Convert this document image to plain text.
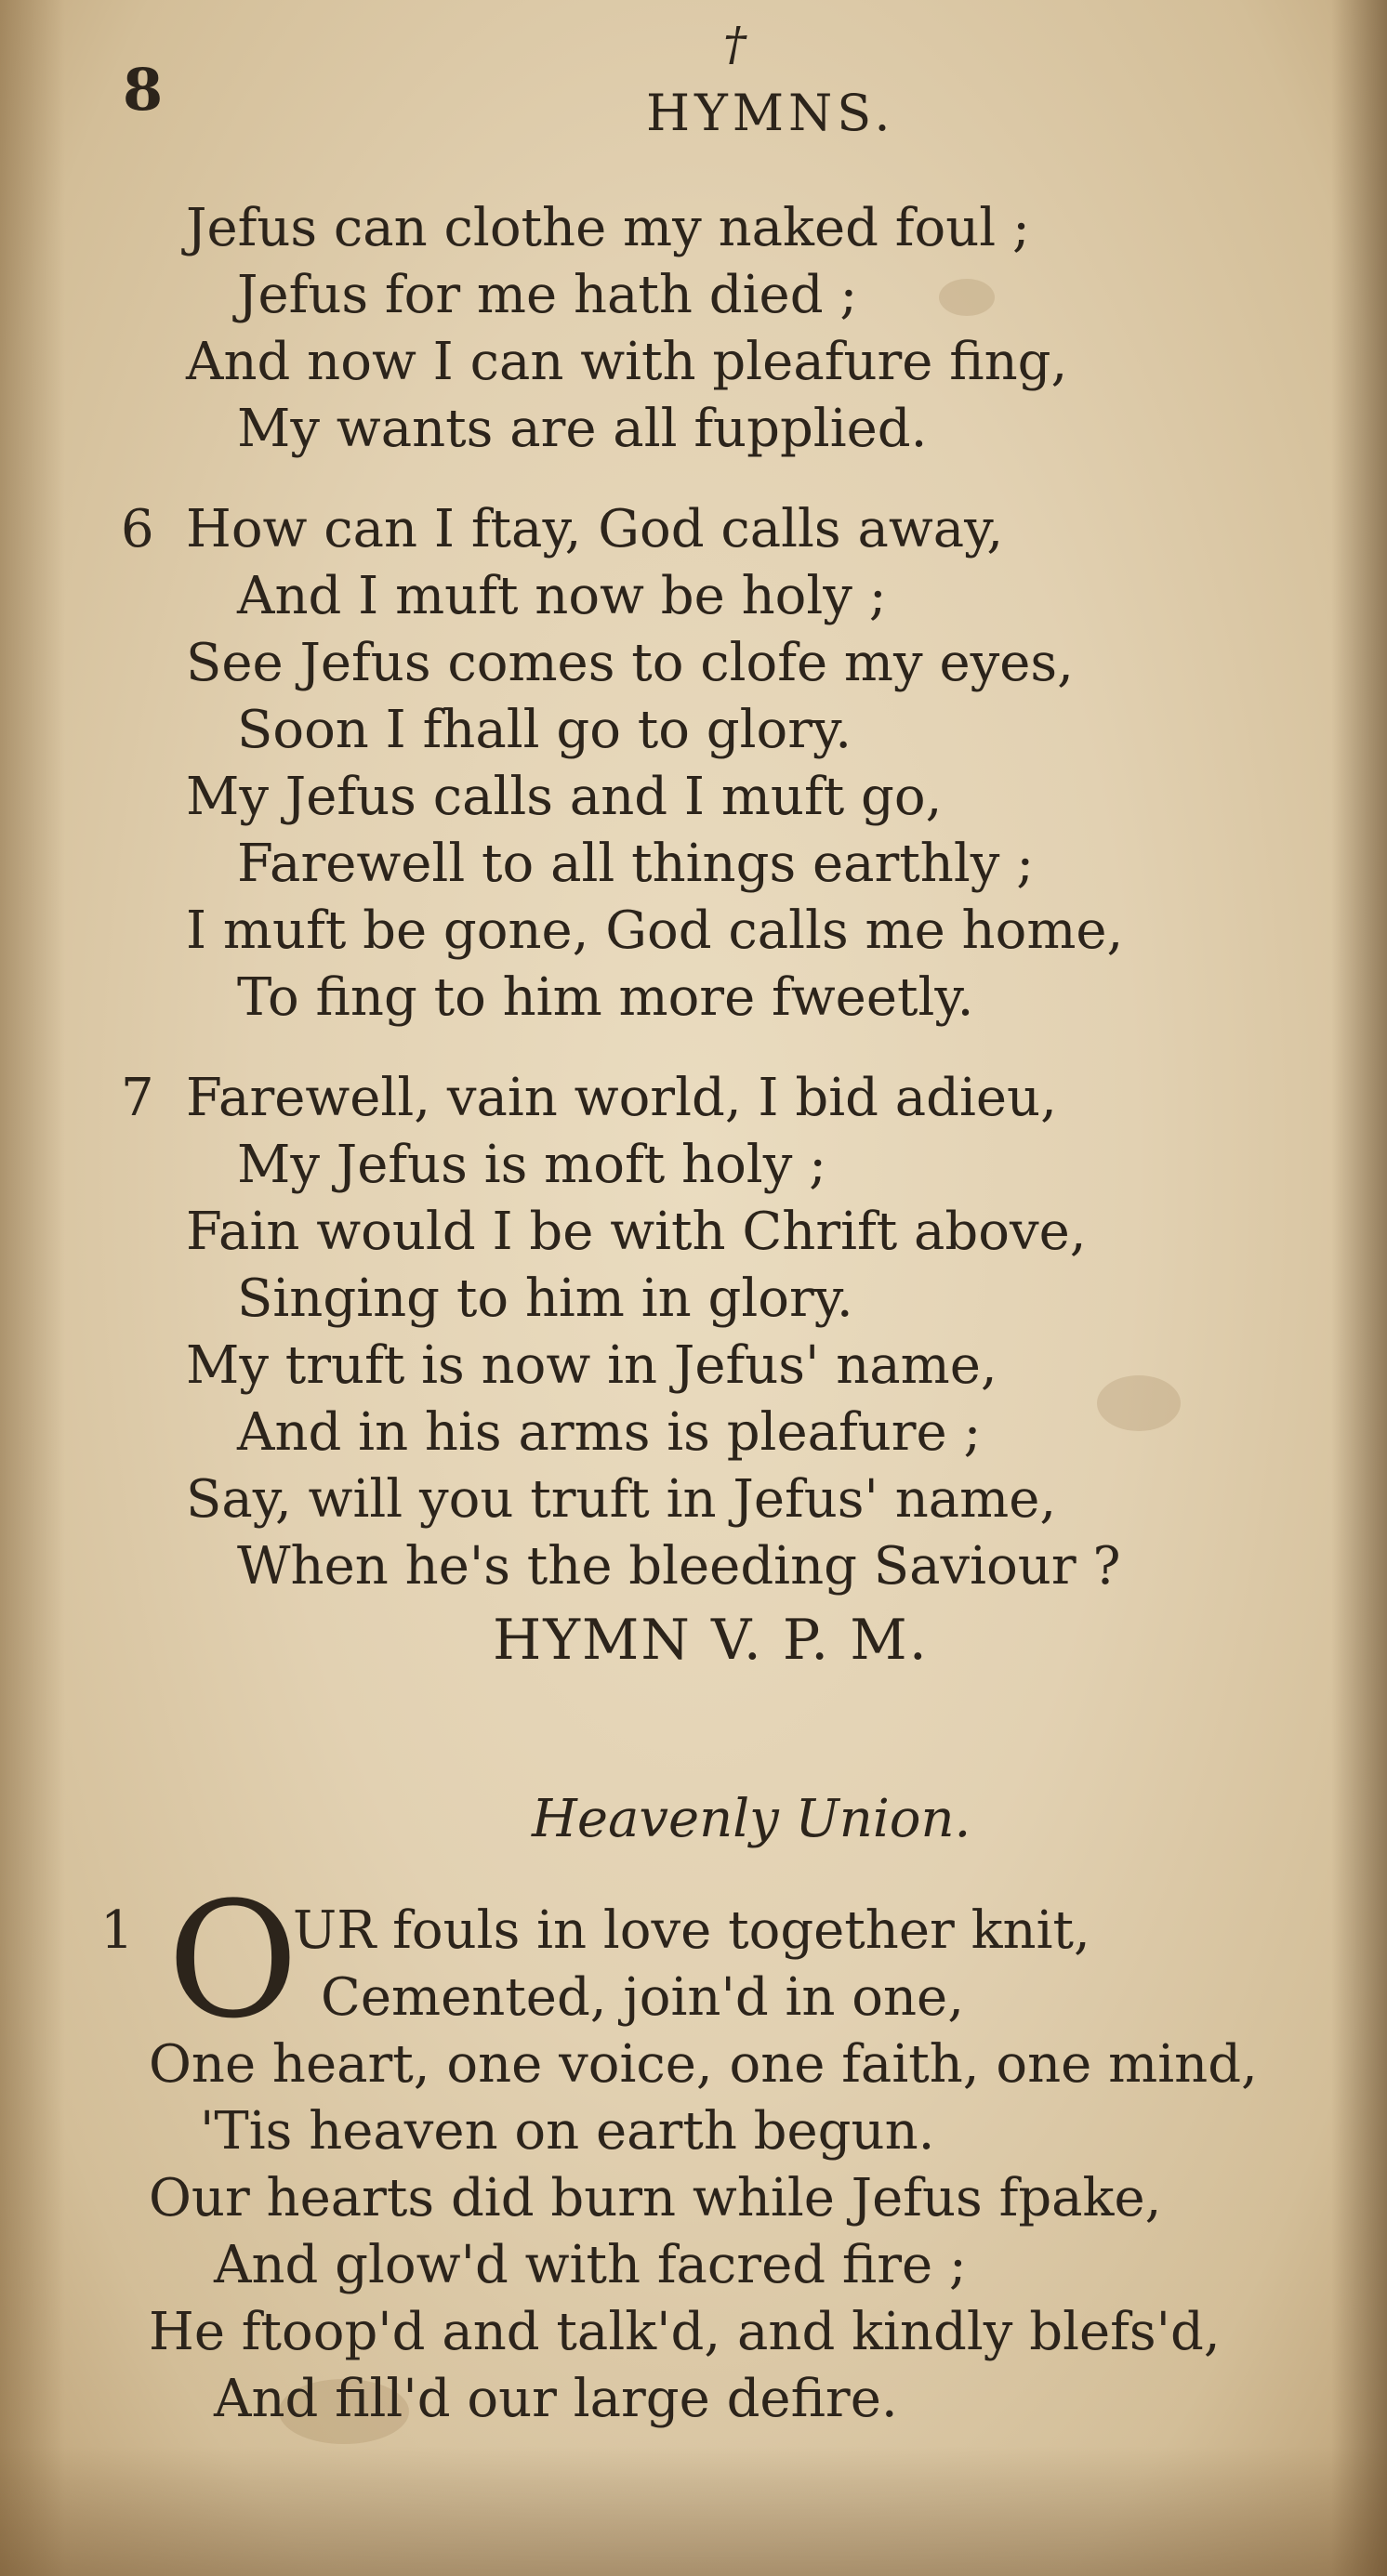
8
†
HYMNS.
Jefus can clothe my naked foul ;
Jefus for me hath died ;
And now I can with pleafure fing,
My wants are all fupplied.
6 How can I ftay, God calls away,
And I muft now be holy ;
See Jefus comes to clofe my eyes,
Soon I fhall go to glory.
My Jefus calls and I muft go,
Farewell to all things earthly ;
I muft be gone, God calls me home,
To fing to him more fweetly.
7 Farewell, vain world, I bid adieu,
My Jefus is moft holy ;
Fain would I be with Chrift above,
Singing to him in glory.
My truft is now in Jefus' name,
And in his arms is pleafure ;
Say, will you truft in Jefus' name,
When he's the bleeding Saviour ?
HYMN V. P. M.
Heavenly Union.
1 O
UR fouls in love together knit,
Cemented, join'd in one,
One heart, one voice, one faith, one mind,
'Tis heaven on earth begun.
Our hearts did burn while Jefus fpake,
And glow'd with facred fire ;
He ftoop'd and talk'd, and kindly blefs'd,
And fill'd our large defire.
